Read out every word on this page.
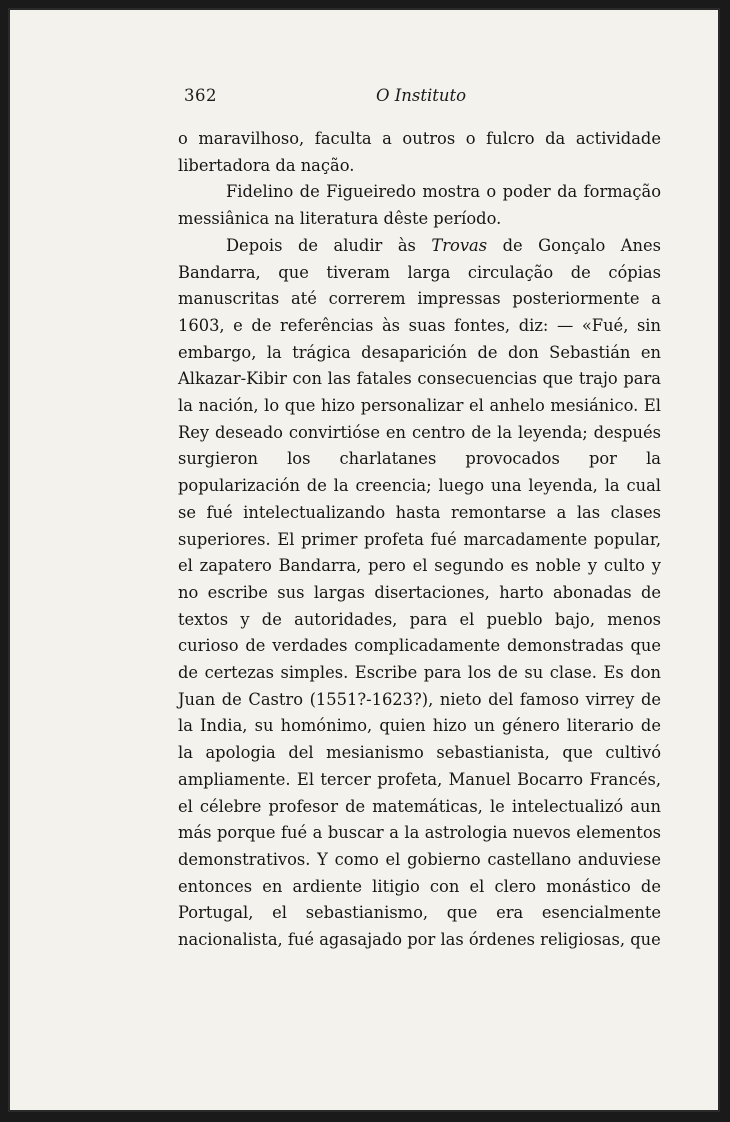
362	O Instituto

o maravilhoso, faculta a outros o fulcro da actividade libertadora da nação.

Fidelino de Figueiredo mostra o poder da formação messiânica na literatura dêste período.

Depois de aludir às Trovas de Gonçalo Anes Bandarra, que tiveram larga circulação de cópias manuscritas até correrem impressas posteriormente a 1603, e de referências às suas fontes, diz: — «Fué, sin embargo, la trágica desaparición de don Sebastián en Alkazar-Kibir con las fatales consecuencias que trajo para la nación, lo que hizo personalizar el anhelo mesiánico. El Rey deseado convirtióse en centro de la leyenda; después surgieron los charlatanes provocados por la popularización de la creencia; luego una leyenda, la cual se fué intelectualizando hasta remontarse a las clases superiores. El primer profeta fué marcadamente popular, el zapatero Bandarra, pero el segundo es noble y culto y no escribe sus largas disertaciones, harto abonadas de textos y de autoridades, para el pueblo bajo, menos curioso de verdades complicadamente demonstradas que de certezas simples. Escribe para los de su clase. Es don Juan de Castro (1551?-1623?), nieto del famoso virrey de la India, su homónimo, quien hizo un género literario de la apologia del mesianismo sebastianista, que cultivó ampliamente. El tercer profeta, Manuel Bocarro Francés, el célebre profesor de matemáticas, le intelectualizó aun más porque fué a buscar a la astrologia nuevos elementos demonstrativos. Y como el gobierno castellano anduviese entonces en ardiente litigio con el clero monástico de Portugal, el sebastianismo, que era esencialmente nacionalista, fué agasajado por las órdenes religiosas, que
